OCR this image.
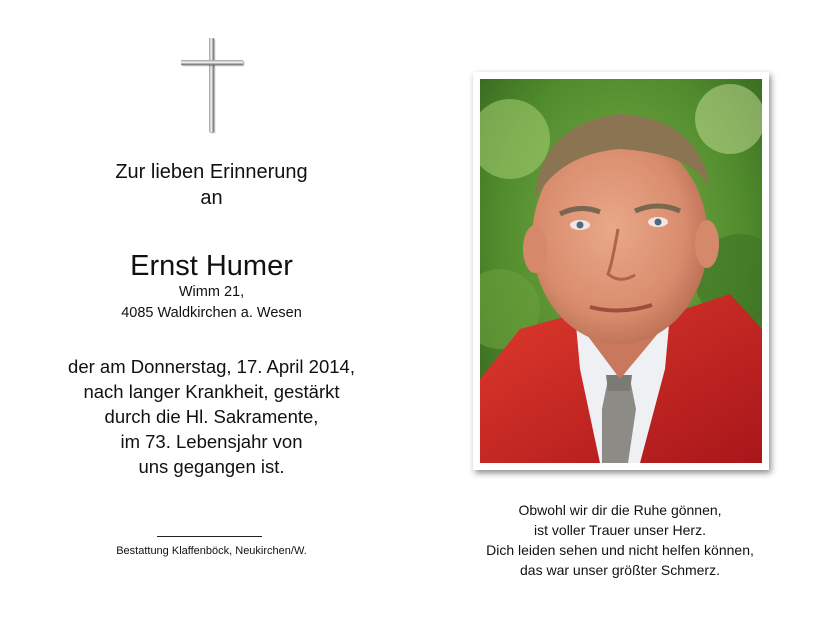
Zur lieben Erinnerung
an
Ernst Humer
Wimm 21,
4085 Waldkirchen a. Wesen
der am Donnerstag, 17. April 2014,
nach langer Krankheit, gestärkt
durch die Hl. Sakramente,
im 73. Lebensjahr von
uns gegangen ist.
Bestattung Klaffenböck, Neukirchen/W.
Obwohl wir dir die Ruhe gönnen,
ist voller Trauer unser Herz.
Dich leiden sehen und nicht helfen können,
das war unser größter Schmerz.
